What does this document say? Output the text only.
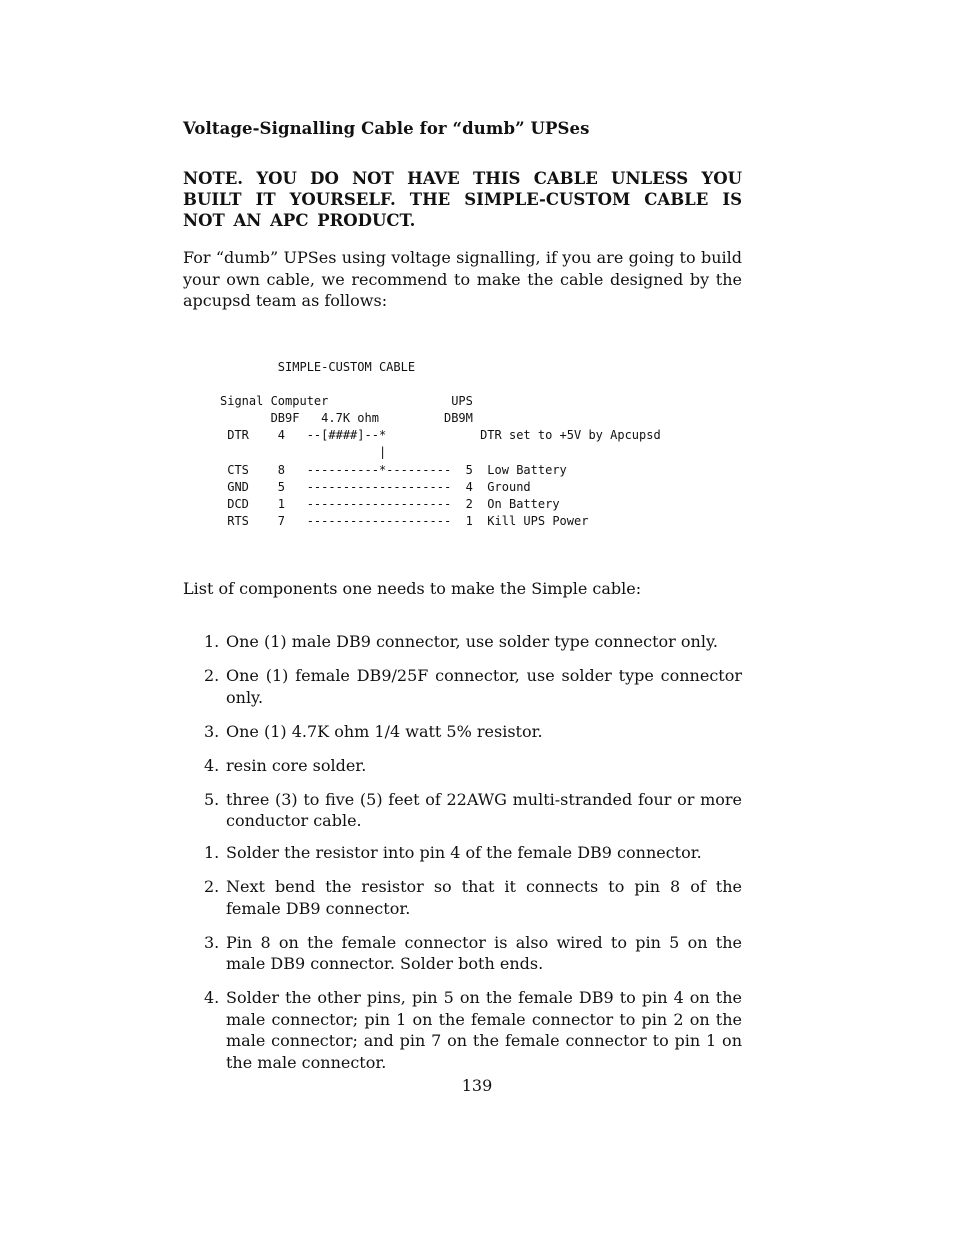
Voltage-Signalling Cable for “dumb” UPSes
NOTE. YOU DO NOT HAVE THIS CABLE UNLESS YOU BUILT IT YOURSELF. THE SIMPLE-CUSTOM CABLE IS NOT AN APC PRODUCT.
For “dumb” UPSes using voltage signalling, if you are going to build your own cable, we recommend to make the cable designed by the apcupsd team as follows:
SIMPLE-CUSTOM CABLE

Signal Computer                 UPS
DB9F   4.7K ohm         DB9M
DTR    4   --[####]--*             DTR set to +5V by Apcupsd
|
CTS    8   ----------*---------  5  Low Battery
GND    5   --------------------  4  Ground
DCD    1   --------------------  2  On Battery
RTS    7   --------------------  1  Kill UPS Power
List of components one needs to make the Simple cable:
1. One (1) male DB9 connector, use solder type connector only.
2. One (1) female DB9/25F connector, use solder type connector only.
3. One (1) 4.7K ohm 1/4 watt 5% resistor.
4. resin core solder.
5. three (3) to five (5) feet of 22AWG multi-stranded four or more conductor cable.
1. Solder the resistor into pin 4 of the female DB9 connector.
2. Next bend the resistor so that it connects to pin 8 of the female DB9 connector.
3. Pin 8 on the female connector is also wired to pin 5 on the male DB9 connector. Solder both ends.
4. Solder the other pins, pin 5 on the female DB9 to pin 4 on the male connector; pin 1 on the female connector to pin 2 on the male connector; and pin 7 on the female connector to pin 1 on the male connector.
139
